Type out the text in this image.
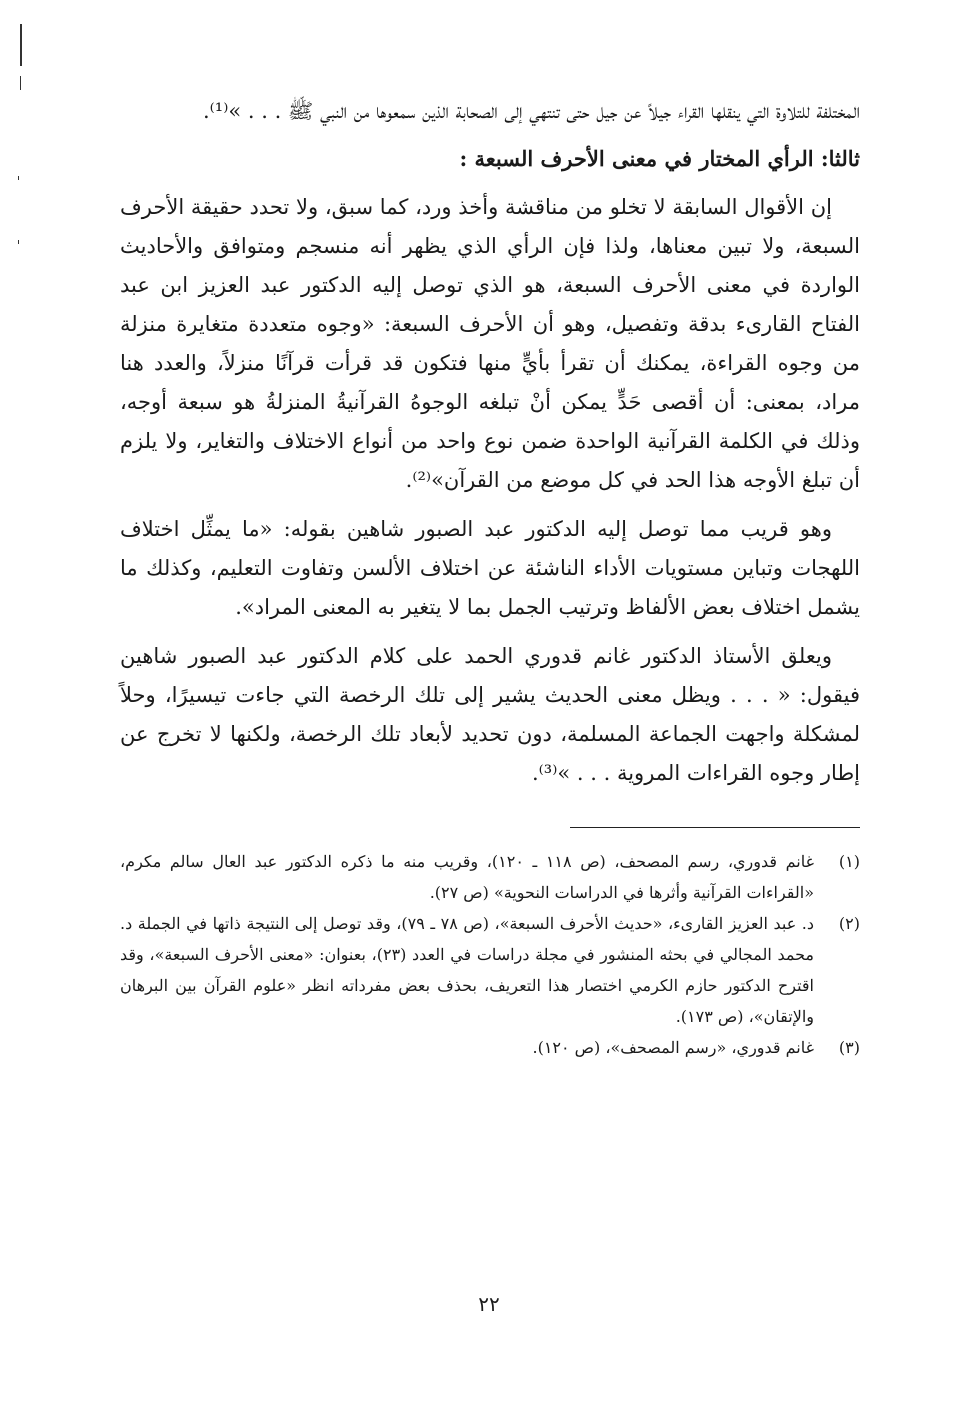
المختلفة للتلاوة التي ينقلها القراء جيلاً عن جيل حتى تنتهي إلى الصحابة الذين سمعوها من النبي ﷺ . . . »⁽¹⁾.

ثالثا: الرأي المختار في معنى الأحرف السبعة :

إن الأقوال السابقة لا تخلو من مناقشة وأخذ ورد، كما سبق، ولا تحدد حقيقة الأحرف السبعة، ولا تبين معناها، ولذا فإن الرأي الذي يظهر أنه منسجم ومتوافق والأحاديث الواردة في معنى الأحرف السبعة، هو الذي توصل إليه الدكتور عبد العزيز ابن عبد الفتاح القارىء بدقة وتفصيل، وهو أن الأحرف السبعة: «وجوه متعددة متغايرة منزلة من وجوه القراءة، يمكنك أن تقرأ بأيٍّ منها فتكون قد قرأت قرآنًا منزلاً، والعدد هنا مراد، بمعنى: أن أقصى حَدٍّ يمكن أنْ تبلغه الوجوهُ القرآنيةُ المنزلةُ هو سبعة أوجه، وذلك في الكلمة القرآنية الواحدة ضمن نوع واحد من أنواع الاختلاف والتغاير، ولا يلزم أن تبلغ الأوجه هذا الحد في كل موضع من القرآن»⁽²⁾.

وهو قريب مما توصل إليه الدكتور عبد الصبور شاهين بقوله: «ما يمثِّل اختلاف اللهجات وتباين مستويات الأداء الناشئة عن اختلاف الألسن وتفاوت التعليم، وكذلك ما يشمل اختلاف بعض الألفاظ وترتيب الجمل بما لا يتغير به المعنى المراد».

ويعلق الأستاذ الدكتور غانم قدوري الحمد على كلام الدكتور عبد الصبور شاهين فيقول: « . . . ويظل معنى الحديث يشير إلى تلك الرخصة التي جاءت تيسيرًا، وحلاً لمشكلة واجهت الجماعة المسلمة، دون تحديد لأبعاد تلك الرخصة، ولكنها لا تخرج عن إطار وجوه القراءات المروية . . . »⁽³⁾.

(١)
غانم قدوري، رسم المصحف، (ص ١١٨ ـ ١٢٠)، وقريب منه ما ذكره الدكتور عبد العال سالم مكرم، «القراءات القرآنية وأثرها في الدراسات النحوية» (ص ٢٧).
(٢)
د. عبد العزيز القارىء، «حديث الأحرف السبعة»، (ص ٧٨ ـ ٧٩)، وقد توصل إلى النتيجة ذاتها في الجملة د. محمد المجالي في بحثه المنشور في مجلة دراسات في العدد (٢٣)، بعنوان: «معنى الأحرف السبعة»، وقد اقترح الدكتور حازم الكرمي اختصار هذا التعريف، بحذف بعض مفرداته انظر «علوم القرآن بين البرهان والإتقان»، (ص ١٧٣).
(٣)
غانم قدوري، «رسم المصحف»، (ص ١٢٠).
٢٢
